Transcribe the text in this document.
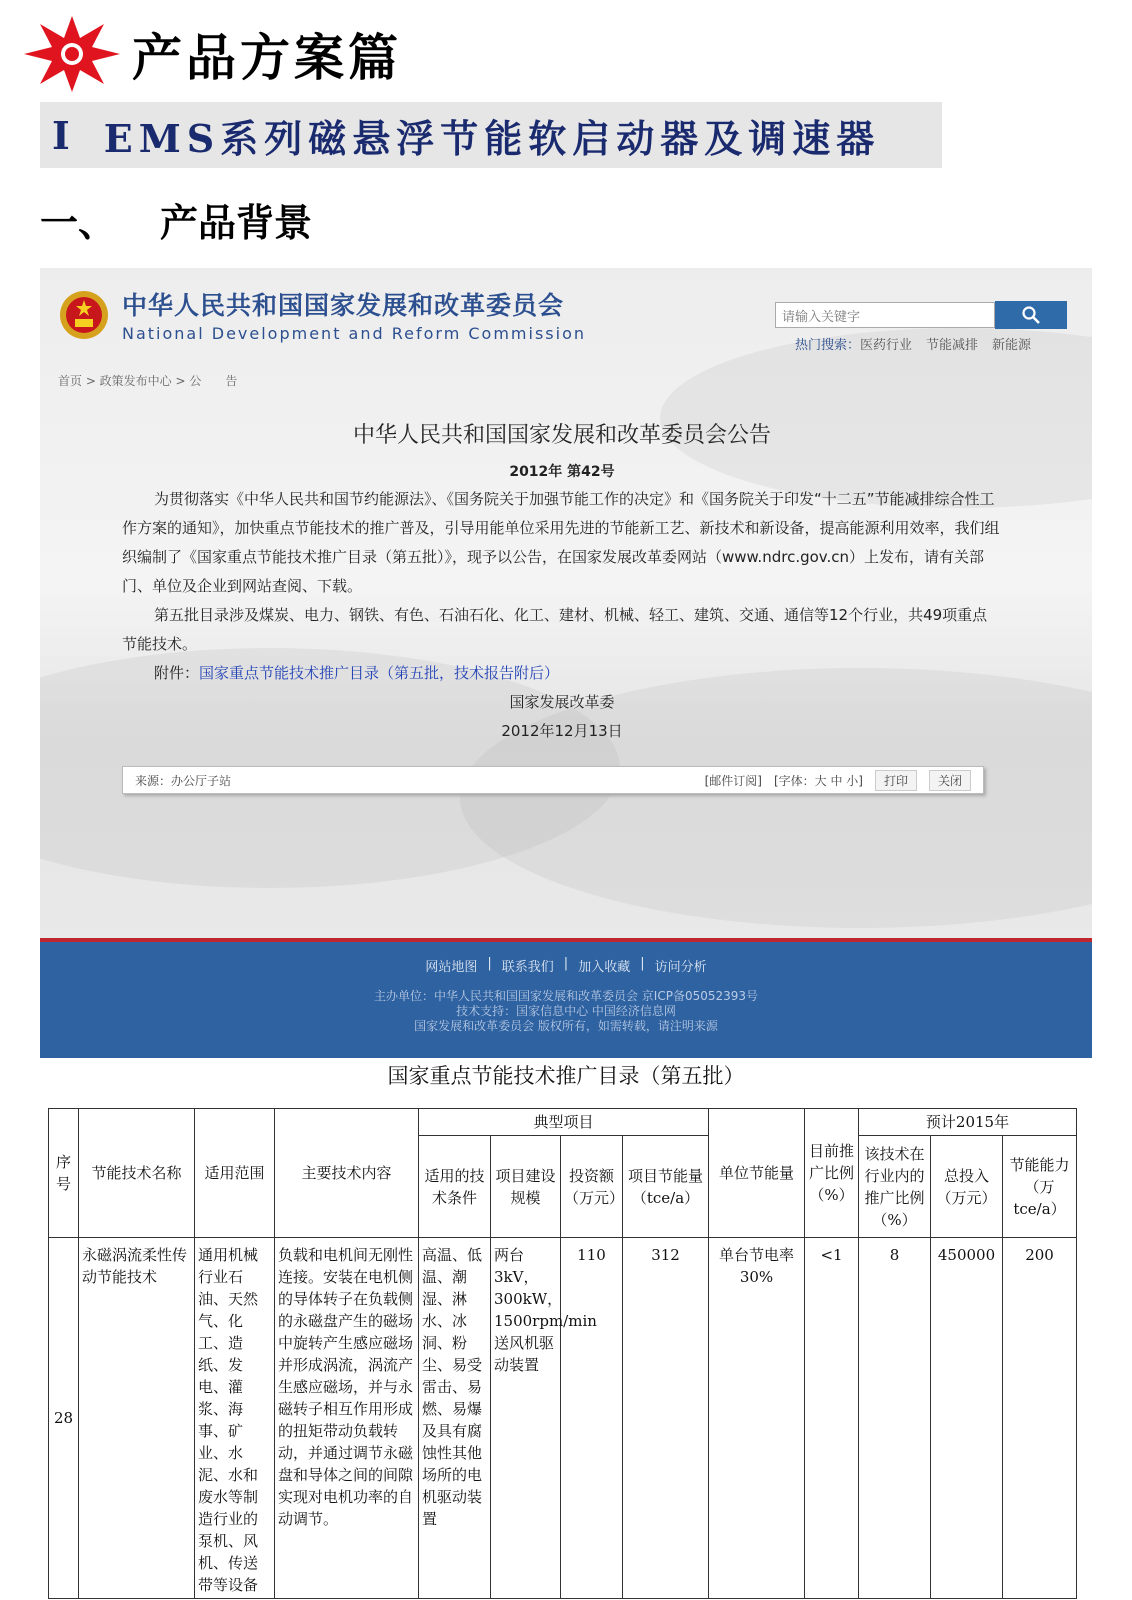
产品方案篇
I EMS系列磁悬浮节能软启动器及调速器
一、 产品背景
中华人民共和国国家发展和改革委员会
National Development and Reform Commission
请输入关键字
热门搜索：医药行业 节能减排 新能源
首页 > 政策发布中心 > 公　　告
中华人民共和国国家发展和改革委员会公告
2012年 第42号

为贯彻落实《中华人民共和国节约能源法》、《国务院关于加强节能工作的决定》和《国务院关于印发“十二五”节能减排综合性工作方案的通知》，加快重点节能技术的推广普及，引导用能单位采用先进的节能新工艺、新技术和新设备，提高能源利用效率，我们组织编制了《国家重点节能技术推广目录（第五批）》，现予以公告，在国家发展改革委网站（www.ndrc.gov.cn）上发布，请有关部门、单位及企业到网站查阅、下载。

第五批目录涉及煤炭、电力、钢铁、有色、石油石化、化工、建材、机械、轻工、建筑、交通、通信等12个行业，共49项重点节能技术。

附件：国家重点节能技术推广目录（第五批，技术报告附后）
国家发展改革委
2012年12月13日
来源：办公厅子站	[邮件订阅] [字体：大 中 小]	打印	关闭
网站地图 | 联系我们 | 加入收藏 | 访问分析
主办单位：中华人民共和国国家发展和改革委员会 京ICP备05052393号
技术支持：国家信息中心 中国经济信息网
国家发展和改革委员会 版权所有，如需转载，请注明来源
国家重点节能技术推广目录（第五批）
序号	节能技术名称	适用范围	主要技术内容	典型项目				单位节能量	目前推广比例（%）	预计2015年		
				适用的技术条件	项目建设规模	投资额（万元）	项目节能量（tce/a）			该技术在行业内的推广比例（%）	总投入（万元）	节能能力（万tce/a）
28	永磁涡流柔性传动节能技术	通用机械行业石油、天然气、化工、造纸、发电、灌浆、海事、矿业、水泥、水和废水等制造行业的泵机、风机、传送带等设备	负载和电机间无刚性连接。安装在电机侧的导体转子在负载侧的永磁盘产生的磁场中旋转产生感应磁场并形成涡流，涡流产生感应磁场，并与永磁转子相互作用形成的扭矩带动负载转动，并通过调节永磁盘和导体之间的间隙实现对电机功率的自动调节。	高温、低温、潮湿、淋水、冰洞、粉尘、易受雷击、易燃、易爆及具有腐蚀性其他场所的电机驱动装置	两台3kV，300kW，1500rpm/min送风机驱动装置	110	312	单台节电率30%	<1	8	450000	200
